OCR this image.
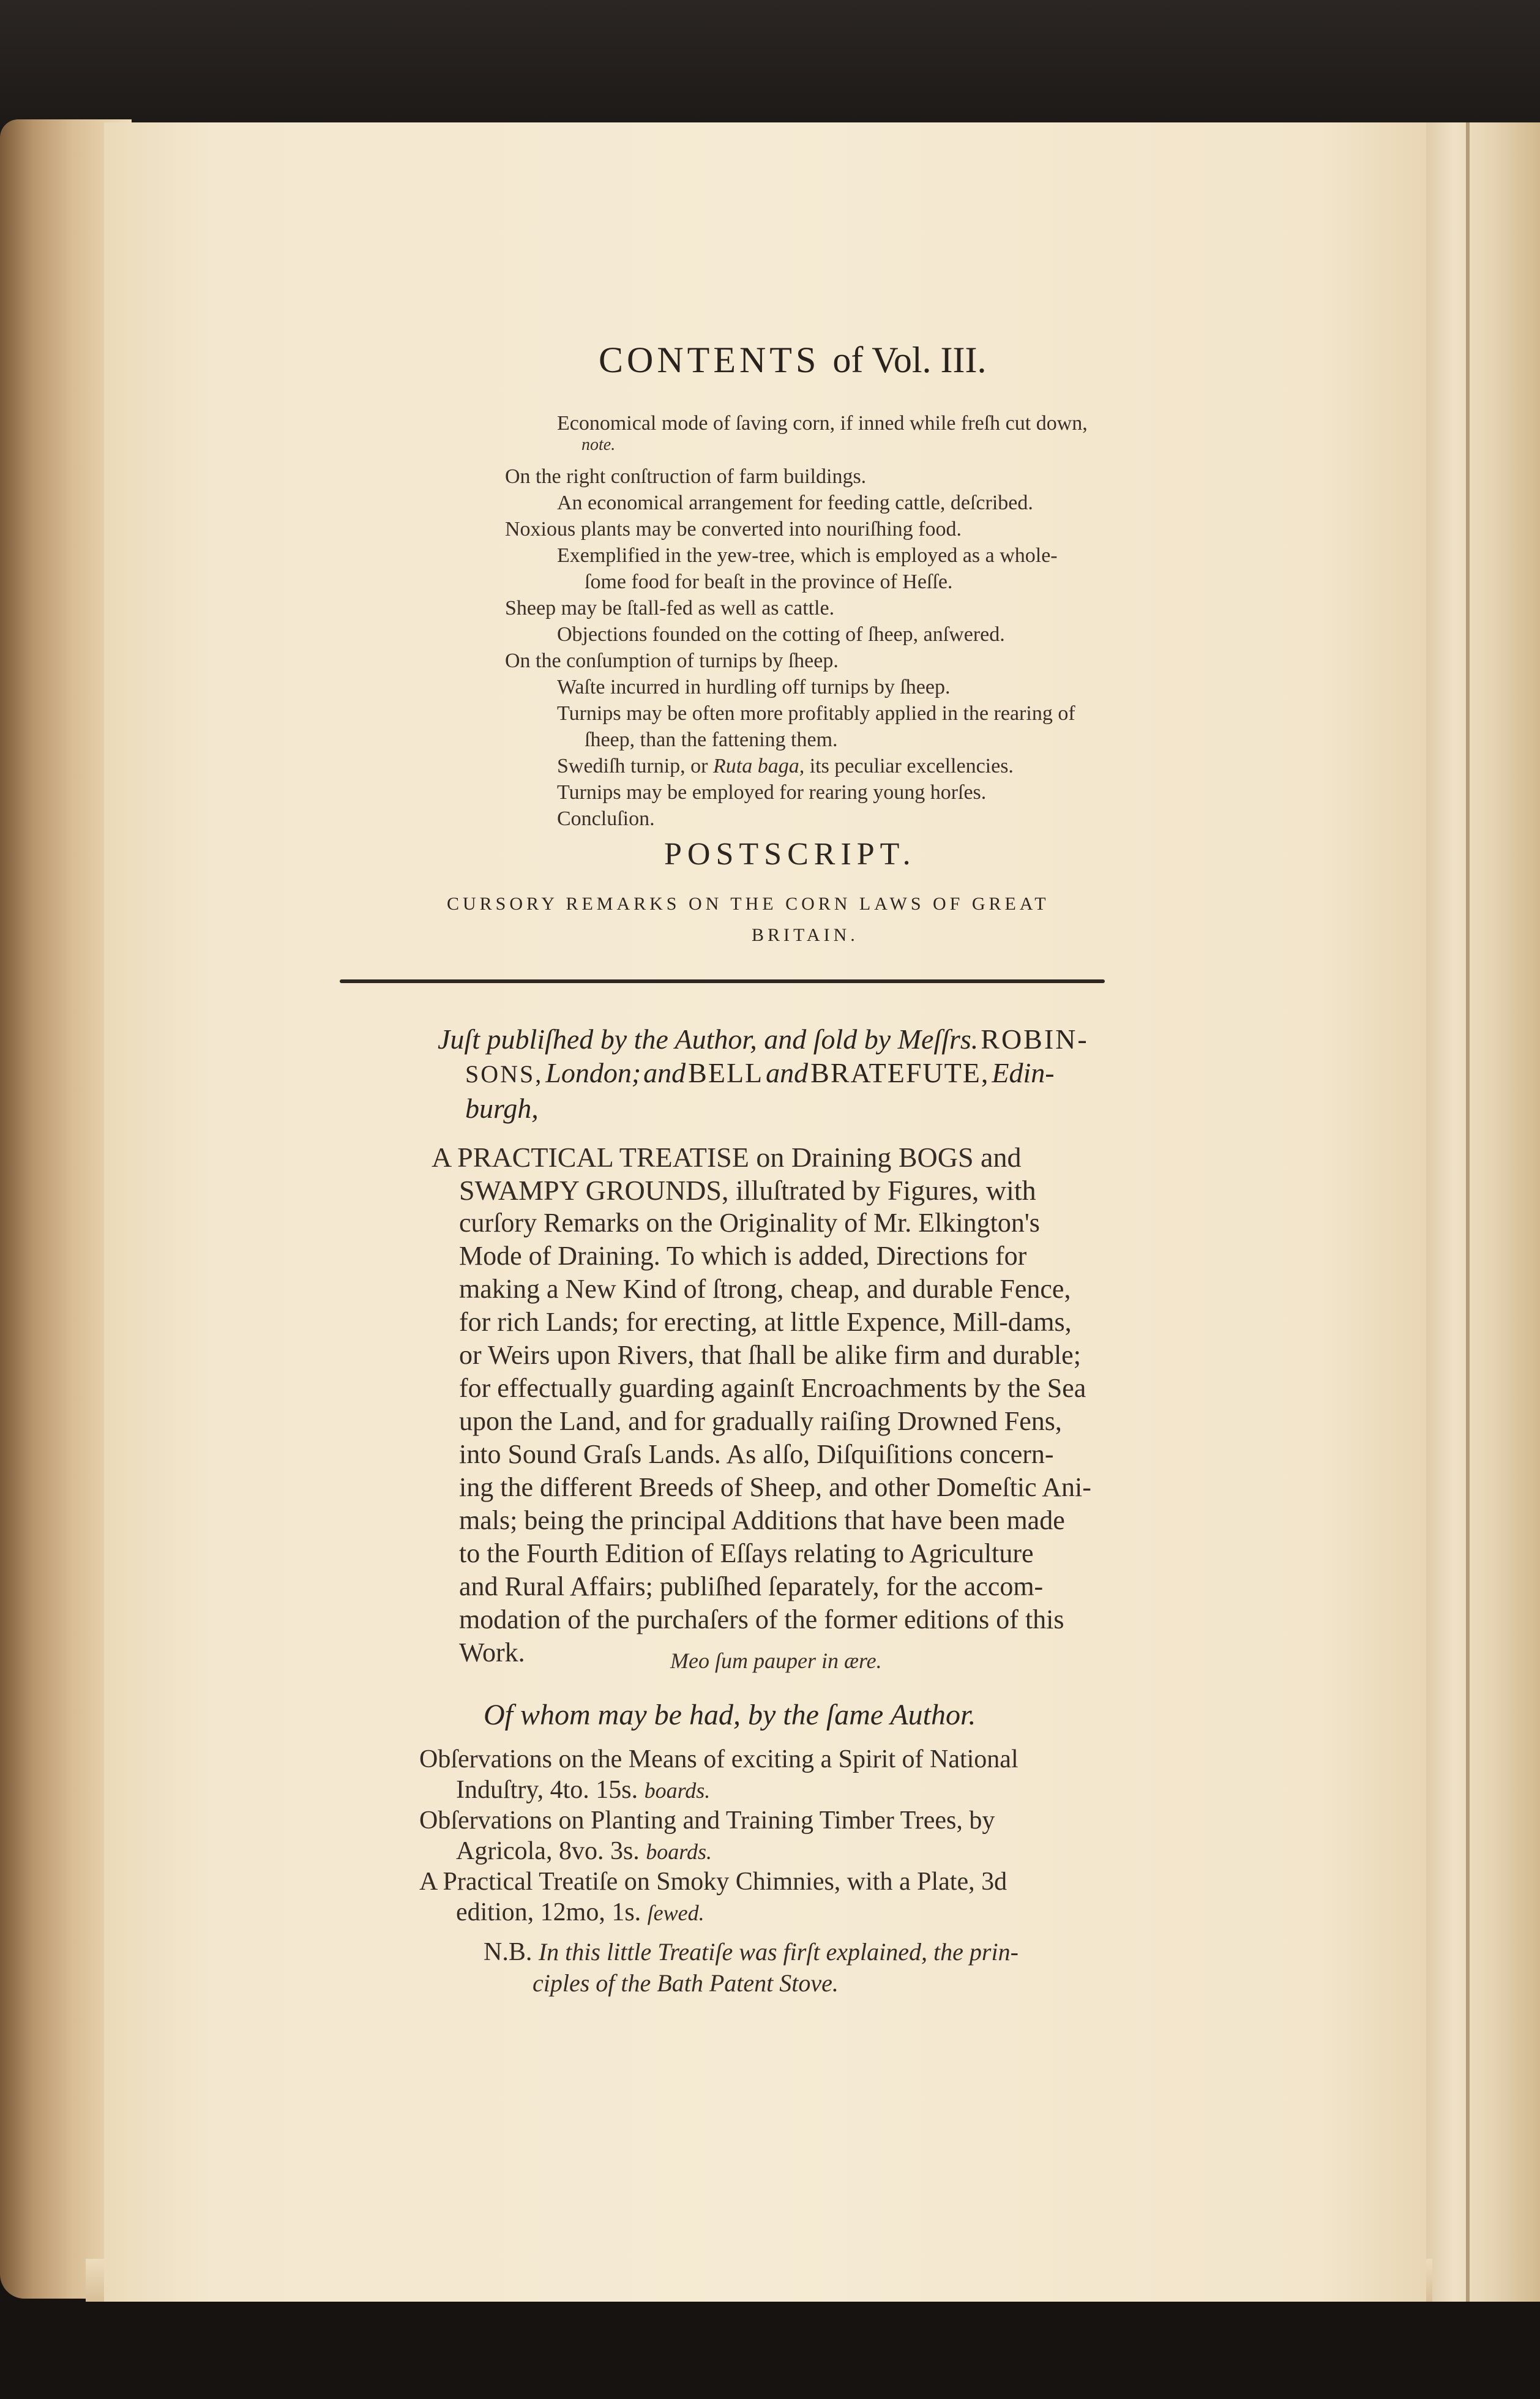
CONTENTS of Vol. III.
Economical mode of ſaving corn, if inned while freſh cut down,
note.
On the right conſtruction of farm buildings.
An economical arrangement for feeding cattle, deſcribed.
Noxious plants may be converted into nouriſhing food.
Exemplified in the yew-tree, which is employed as a whole-
ſome food for beaſt in the province of Heſſe.
Sheep may be ſtall-fed as well as cattle.
Objections founded on the cotting of ſheep, anſwered.
On the conſumption of turnips by ſheep.
Waſte incurred in hurdling off turnips by ſheep.
Turnips may be often more profitably applied in the rearing of
ſheep, than the fattening them.
Swediſh turnip, or Ruta baga, its peculiar excellencies.
Turnips may be employed for rearing young horſes.
Concluſion.
POSTSCRIPT.
CURSORY REMARKS ON THE CORN LAWS OF GREAT
BRITAIN.
Juſt publiſhed by the Author, and ſold by Meſſrs. ROBIN-
SONS, London; and BELL and BRATEFUTE, Edin-
burgh,
A PRACTICAL TREATISE on Draining BOGS and
SWAMPY GROUNDS, illuſtrated by Figures, with
curſory Remarks on the Originality of Mr. Elkington's
Mode of Draining. To which is added, Directions for
making a New Kind of ſtrong, cheap, and durable Fence,
for rich Lands; for erecting, at little Expence, Mill-dams,
or Weirs upon Rivers, that ſhall be alike firm and durable;
for effectually guarding againſt Encroachments by the Sea
upon the Land, and for gradually raiſing Drowned Fens,
into Sound Graſs Lands. As alſo, Diſquiſitions concern-
ing the different Breeds of Sheep, and other Domeſtic Ani-
mals; being the principal Additions that have been made
to the Fourth Edition of Eſſays relating to Agriculture
and Rural Affairs; publiſhed ſeparately, for the accom-
modation of the purchaſers of the former editions of this
Work.	Meo ſum pauper in ære.
Of whom may be had, by the ſame Author.
Obſervations on the Means of exciting a Spirit of National
Induſtry, 4to. 15s. boards.
Obſervations on Planting and Training Timber Trees, by
Agricola, 8vo. 3s. boards.
A Practical Treatiſe on Smoky Chimnies, with a Plate, 3d
edition, 12mo, 1s. ſewed.
N.B. In this little Treatiſe was firſt explained, the prin-
ciples of the Bath Patent Stove.
